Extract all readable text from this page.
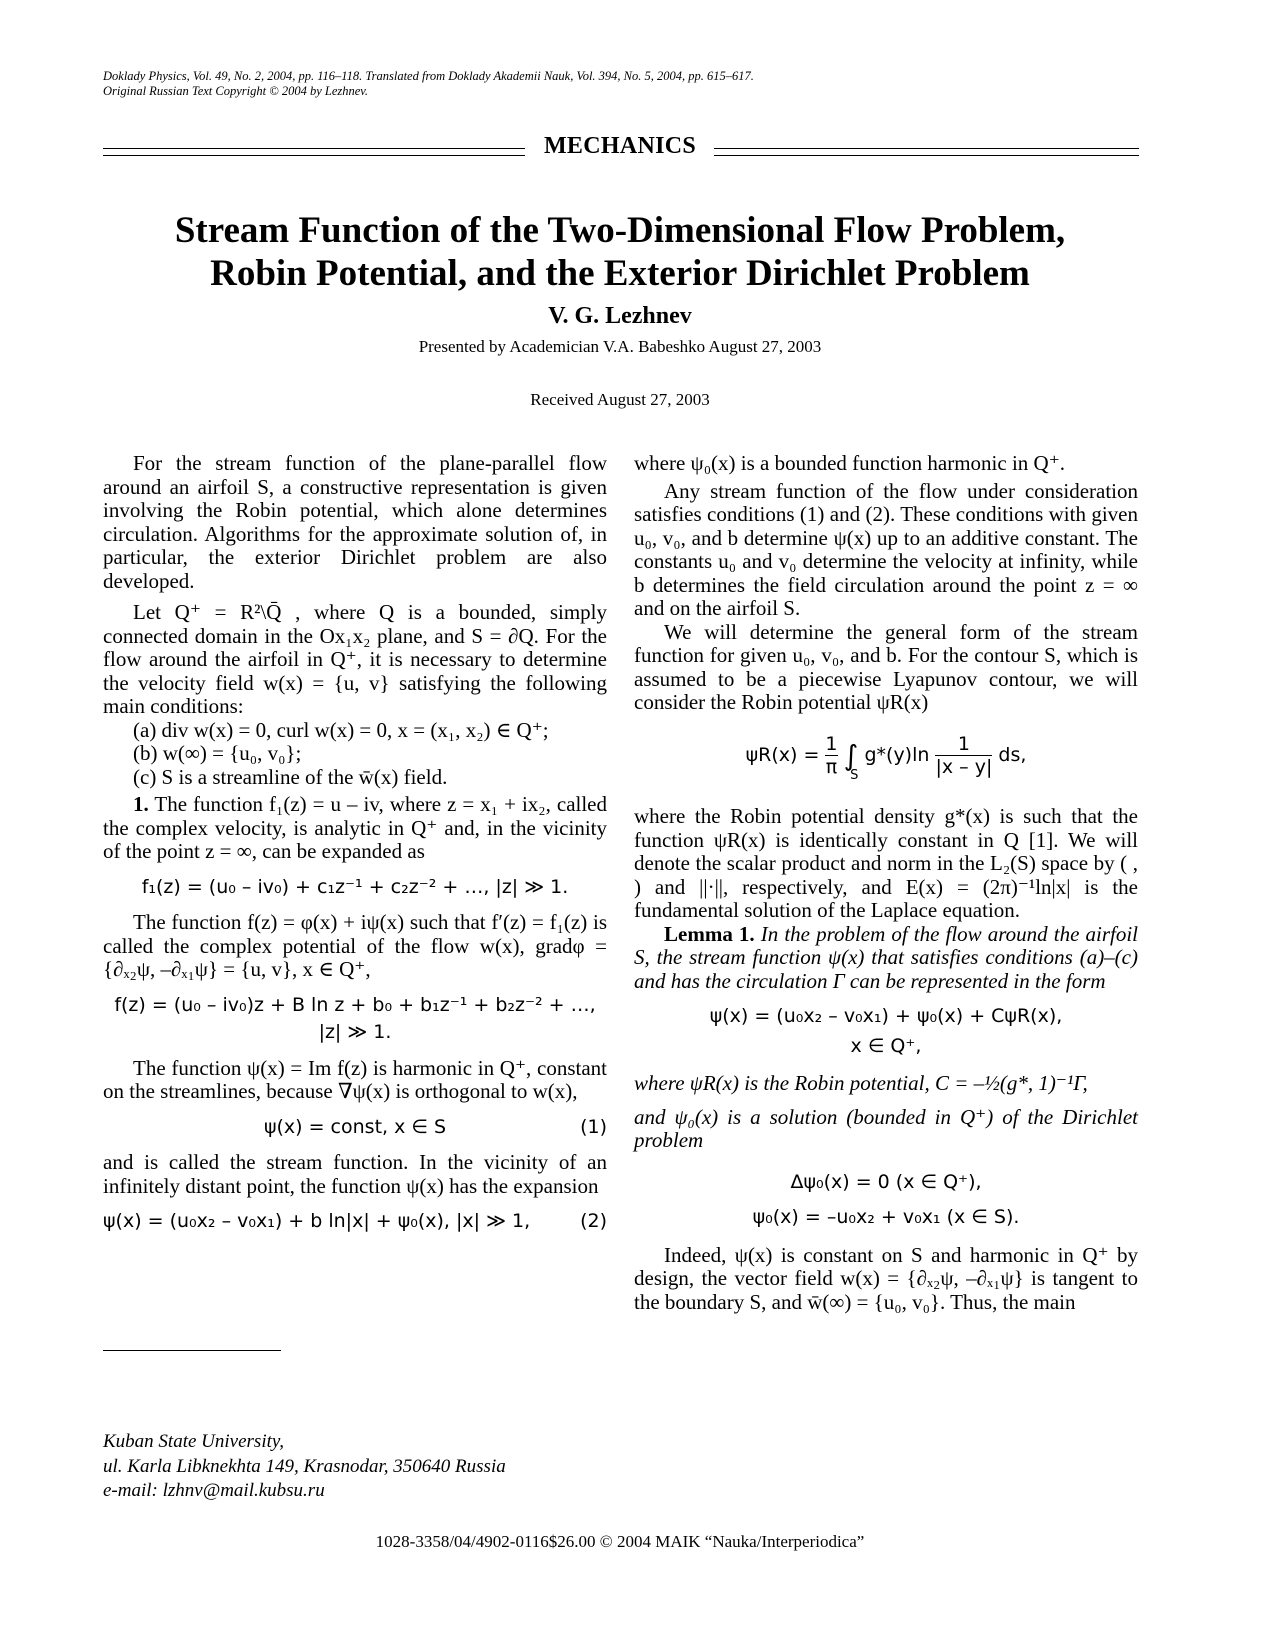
Doklady Physics, Vol. 49, No. 2, 2004, pp. 116–118. Translated from Doklady Akademii Nauk, Vol. 394, No. 5, 2004, pp. 615–617.
Original Russian Text Copyright © 2004 by Lezhnev.
MECHANICS
Stream Function of the Two-Dimensional Flow Problem,
Robin Potential, and the Exterior Dirichlet Problem
V. G. Lezhnev
Presented by Academician V.A. Babeshko August 27, 2003
Received August 27, 2003

For the stream function of the plane-parallel flow around an airfoil S, a constructive representation is given involving the Robin potential, which alone determines circulation. Algorithms for the approximate solution of, in particular, the exterior Dirichlet problem are also developed.

Let Q⁺ = R²\Q̄ , where Q is a bounded, simply connected domain in the Ox₁x₂ plane, and S = ∂Q. For the flow around the airfoil in Q⁺, it is necessary to determine the velocity field w(x) = {u, v} satisfying the following main conditions:

(a) div w(x) = 0, curl w(x) = 0, x = (x₁, x₂) ∈ Q⁺;

(b) w(∞) = {u₀, v₀};

(c) S is a streamline of the w̄(x) field.

1. The function f₁(z) = u – iv, where z = x₁ + ix₂, called the complex velocity, is analytic in Q⁺ and, in the vicinity of the point z = ∞, can be expanded as

f₁(z) = (u₀ – iv₀) + c₁z⁻¹ + c₂z⁻² + …, |z| ≫ 1.

The function f(z) = φ(x) + iψ(x) such that f′(z) = f₁(z) is called the complex potential of the flow w(x), gradφ = {∂ₓ₂ψ, –∂ₓ₁ψ} = {u, v}, x ∈ Q⁺,

f(z) = (u₀ – iv₀)z + B ln z + b₀ + b₁z⁻¹ + b₂z⁻² + …,
|z| ≫ 1.

The function ψ(x) = Im f(z) is harmonic in Q⁺, constant on the streamlines, because ∇ψ(x) is orthogonal to w(x),

ψ(x) = const, x ∈ S	(1)

and is called the stream function. In the vicinity of an infinitely distant point, the function ψ(x) has the expansion

ψ(x) = (u₀x₂ – v₀x₁) + b ln|x| + ψ₀(x), |x| ≫ 1,	(2)

where ψ₀(x) is a bounded function harmonic in Q⁺.

Any stream function of the flow under consideration satisfies conditions (1) and (2). These conditions with given u₀, v₀, and b determine ψ(x) up to an additive constant. The constants u₀ and v₀ determine the velocity at infinity, while b determines the field circulation around the point z = ∞ and on the airfoil S.

We will determine the general form of the stream function for given u₀, v₀, and b. For the contour S, which is assumed to be a piecewise Lyapunov contour, we will consider the Robin potential ψR(x)

$\psi R(x) = \frac{1}{\pi} \int_S$ $g*(y)\ln \frac{1}{|x - y|}$ ds,

where the Robin potential density g*(x) is such that the function ψR(x) is identically constant in Q [1]. We will denote the scalar product and norm in the L₂(S) space by ( , ) and ||·||, respectively, and E(x) = (2π)⁻¹ln|x| is the fundamental solution of the Laplace equation.

Lemma 1. In the problem of the flow around the airfoil S, the stream function ψ(x) that satisfies conditions (a)–(c) and has the circulation Γ can be represented in the form

ψ(x) = (u₀x₂ – v₀x₁) + ψ₀(x) + CψR(x),
x ∈ Q⁺,

where ψR(x) is the Robin potential, C = –½(g*, 1)⁻¹Γ,

and ψ₀(x) is a solution (bounded in Q⁺) of the Dirichlet problem

Δψ₀(x) = 0 (x ∈ Q⁺),
ψ₀(x) = –u₀x₂ + v₀x₁ (x ∈ S).

Indeed, ψ(x) is constant on S and harmonic in Q⁺ by design, the vector field w(x) = {∂ₓ₂ψ, –∂ₓ₁ψ} is tangent to the boundary S, and w̄(∞) = {u₀, v₀}. Thus, the main

Kuban State University,
ul. Karla Libknekhta 149, Krasnodar, 350640 Russia
e-mail: lzhnv@mail.kubsu.ru
1028-3358/04/4902-0116$26.00 © 2004 MAIK “Nauka/Interperiodica”
